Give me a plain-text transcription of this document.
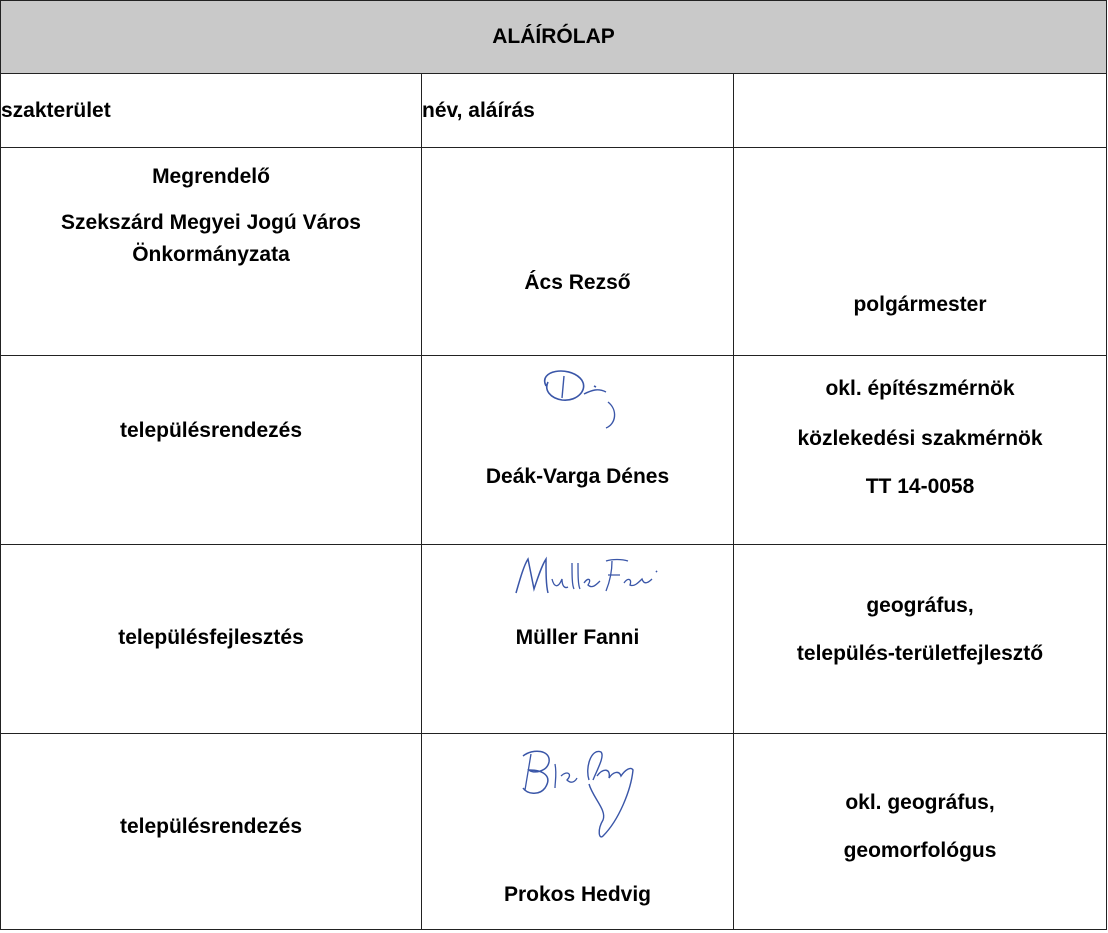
ALÁÍRÓLAP		
szakterület	név, aláírás	

Megrendelő
Szekszárd Megyei Jogú Város
Önkormányzata	Ács Rezső	polgármester

településrendezés	Deák-Varga Dénes	okl. építészmérnök
közlekedési szakmérnök
TT 14-0058

településfejlesztés	Müller Fanni	geográfus,
település-területfejlesztő

településrendezés	Prokos Hedvig	okl. geográfus,
geomorfológus
